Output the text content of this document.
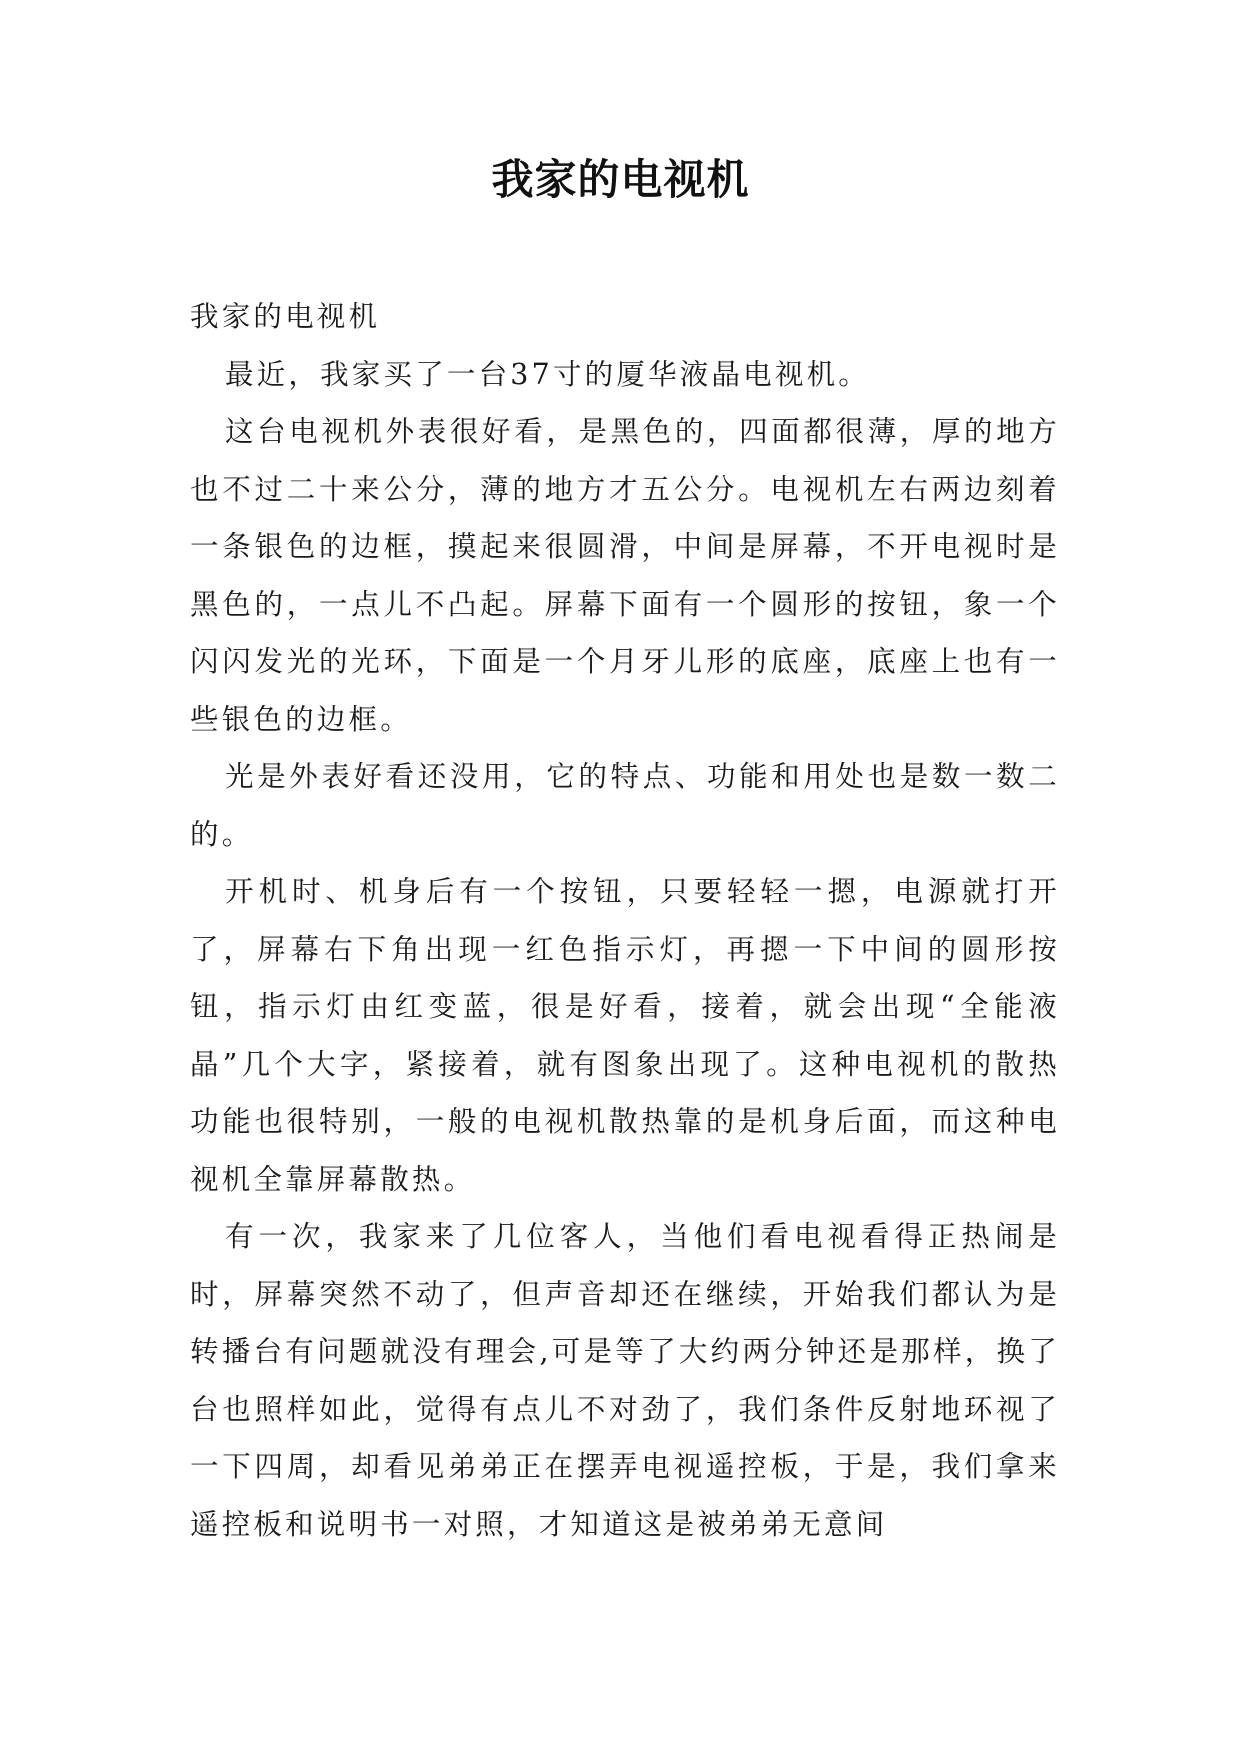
我家的电视机

我家的电视机

最近，我家买了一台37寸的厦华液晶电视机。

这台电视机外表很好看，是黑色的，四面都很薄，厚的地方也不过二十来公分，薄的地方才五公分。电视机左右两边刻着一条银色的边框，摸起来很圆滑，中间是屏幕，不开电视时是黑色的，一点儿不凸起。屏幕下面有一个圆形的按钮，象一个闪闪发光的光环，下面是一个月牙儿形的底座，底座上也有一些银色的边框。

光是外表好看还没用，它的特点、功能和用处也是数一数二的。

开机时、机身后有一个按钮，只要轻轻一摁，电源就打开了，屏幕右下角出现一红色指示灯，再摁一下中间的圆形按钮，指示灯由红变蓝，很是好看，接着，就会出现“全能液晶”几个大字，紧接着，就有图象出现了。这种电视机的散热功能也很特别，一般的电视机散热靠的是机身后面，而这种电视机全靠屏幕散热。

有一次，我家来了几位客人，当他们看电视看得正热闹是时，屏幕突然不动了，但声音却还在继续，开始我们都认为是转播台有问题就没有理会,可是等了大约两分钟还是那样，换了台也照样如此，觉得有点儿不对劲了，我们条件反射地环视了一下四周，却看见弟弟正在摆弄电视遥控板，于是，我们拿来遥控板和说明书一对照，才知道这是被弟弟无意间
